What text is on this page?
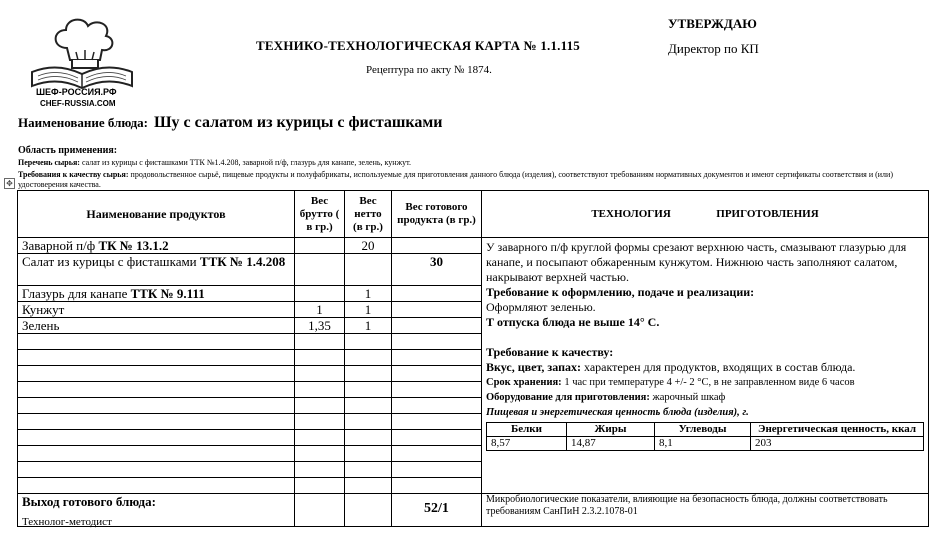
ШЕФ-РОССИЯ.РФ
CHEF-RUSSIA.COM
ТЕХНИКО-ТЕХНОЛОГИЧЕСКАЯ КАРТА № 1.1.115
Рецептура по акту № 1874.
УТВЕРЖДАЮ
Директор по КП
Наименование блюда: Шу с салатом из курицы с фисташками
Область применения:
Перечень сырья: салат из курицы с фисташками ТТК №1.4.208, заварной п/ф, глазурь для канапе, зелень, кунжут.
Требования к качеству сырья: продовольственное сырьё, пищевые продукты и полуфабрикаты, используемые для приготовления данного блюда (изделия), соответствуют требованиям нормативных документов и имеют сертификаты соответствия и (или) удостоверения качества.
✥
Наименование продуктов	Вес брутто ( в гр.)	Вес нетто (в гр.)	Вес готового продукта (в гр.)	ТЕХНОЛОГИЯ	ПРИГОТОВЛЕНИЯ
Заварной п/ф ТК № 13.1.2		20		У заварного п/ф круглой формы срезают верхнюю часть, смазывают глазурью для канапе, и посыпают обжаренным кунжутом. Нижнюю часть заполняют салатом, накрывают верхней частью.

Требование к оформлению, подаче и реализации:

Оформляют зеленью.

Т отпуска блюда не выше 14° С.

Требование к качеству:

Вкус, цвет, запах: характерен для продуктов, входящих в состав блюда.

Срок хранения: 1 час при температуре 4 +/- 2 °С, в не заправленном виде 6 часов

Оборудование для приготовления: жарочный шкаф

Пищевая и энергетическая ценность блюда (изделия), г.

Белки	Жиры	Углеводы	Энергетическая ценность, ккал
8,57	14,87	8,1	203

Салат из курицы с фисташками ТТК № 1.4.208			30
Глазурь для канапе ТТК № 9.111		1	
Кунжут	1	1	
Зелень	1,35	1	

Выход готового блюда:			52/1	Микробиологические показатели, влияющие на безопасность блюда, должны соответствовать требованиям СанПиН 2.3.2.1078-01
Технолог-методист
